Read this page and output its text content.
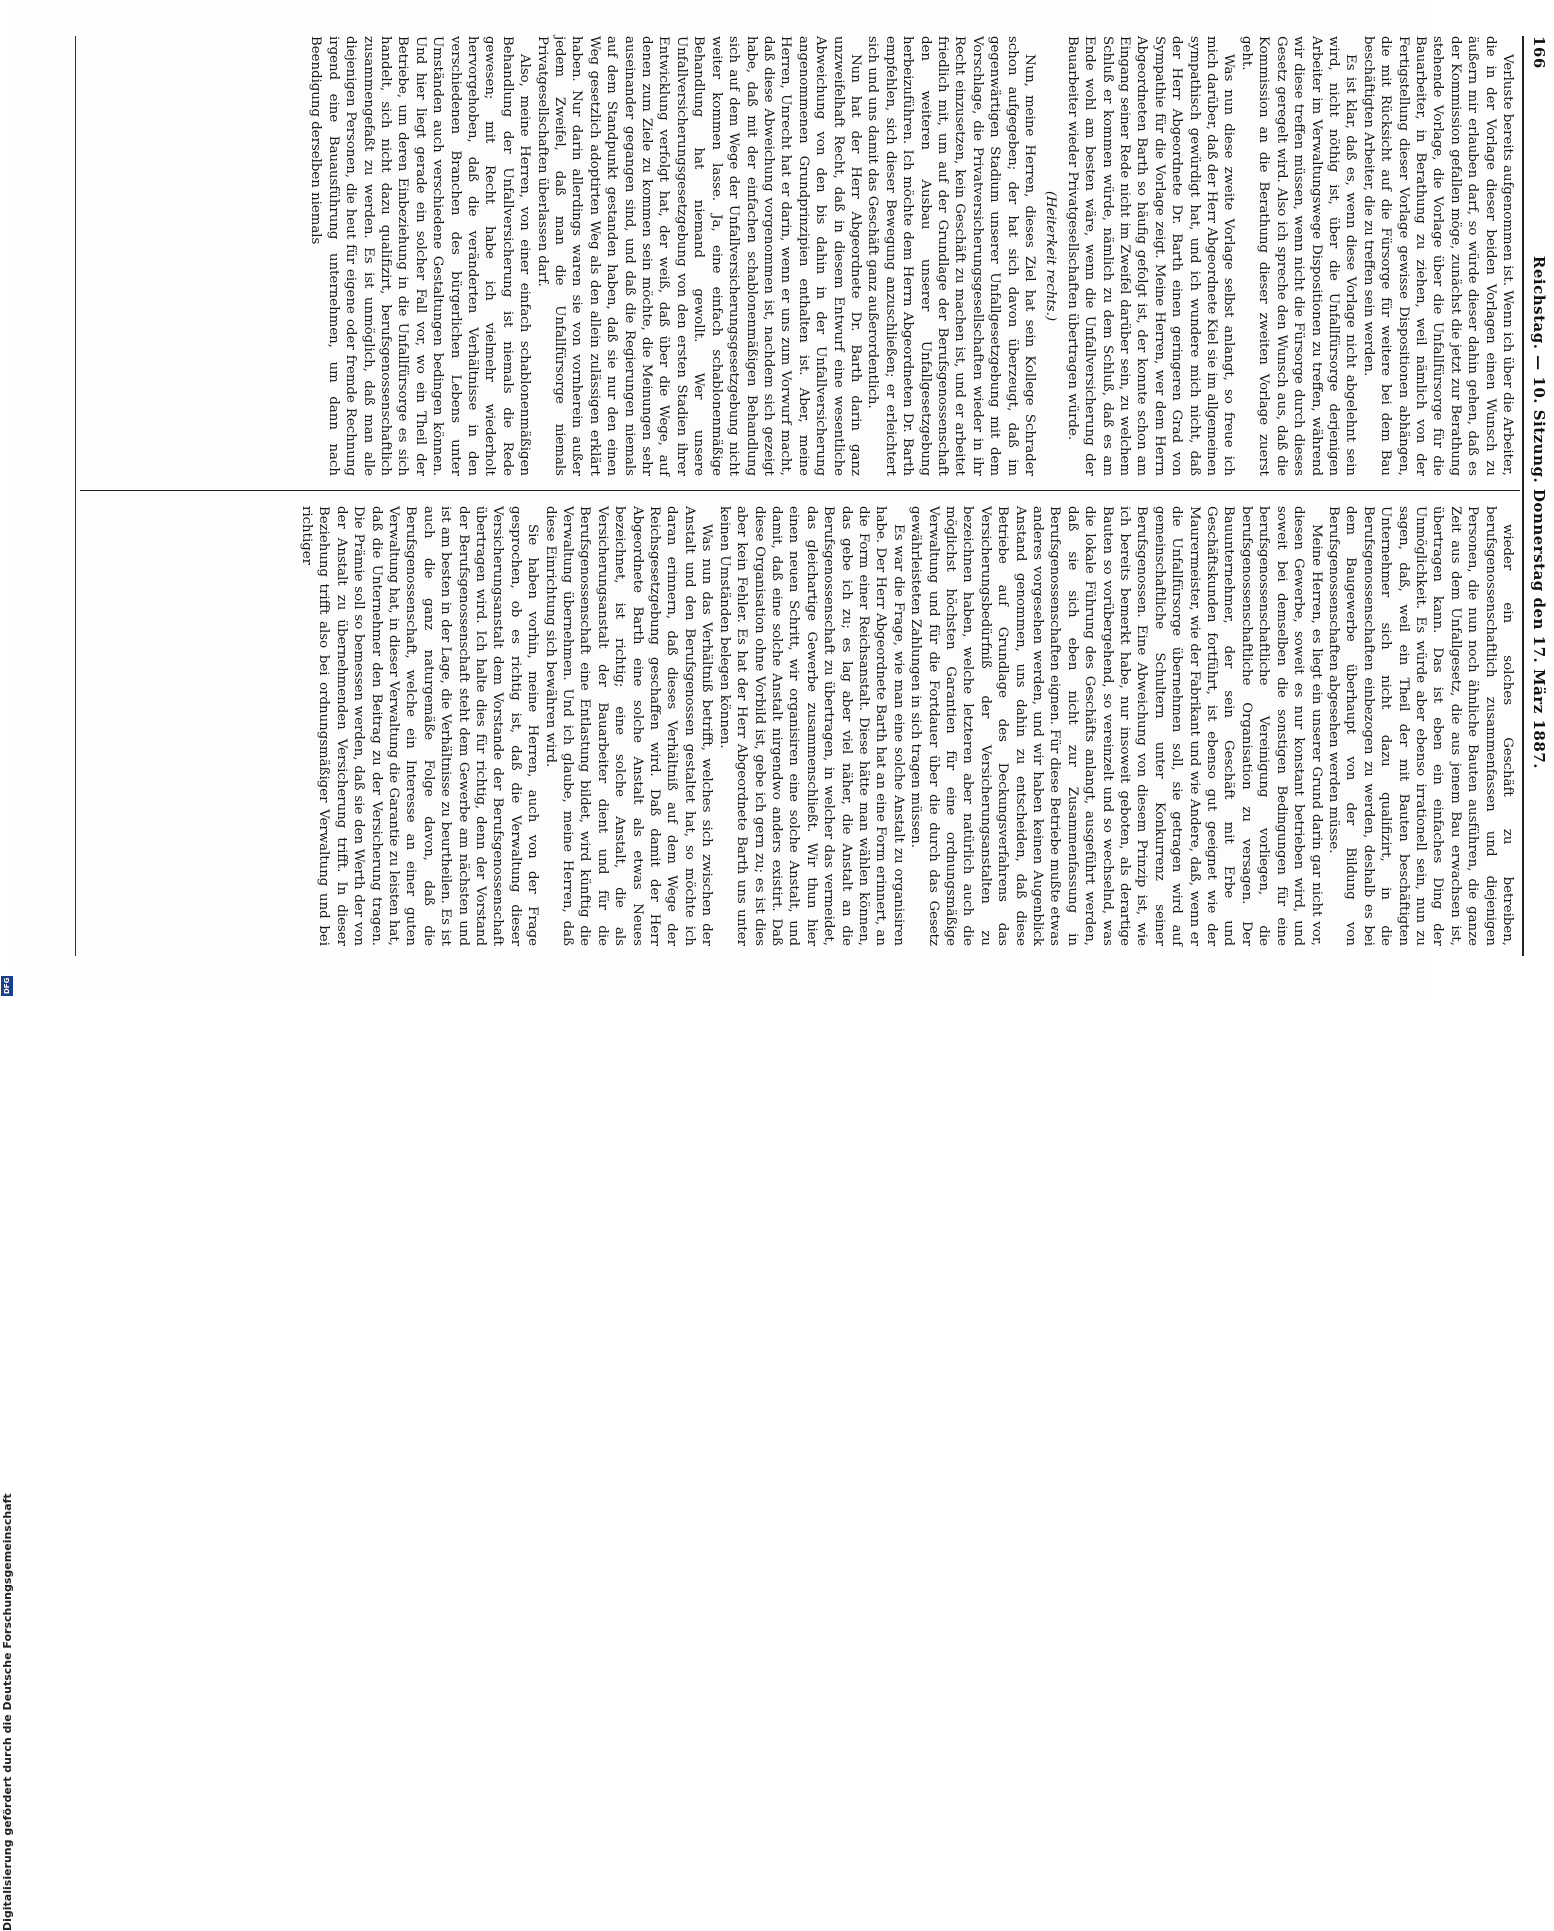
Digitalisierung gefördert durch die Deutsche Forschungsgemeinschaft
DFG
166
Reichstag. — 10. Sitzung. Donnerstag den 17. März 1887.

Verluste bereits aufgenommen ist. Wenn ich über die Arbeiter, die in der Vorlage dieser beiden Vorlagen einen Wunsch zu äußern mir erlauben darf, so würde dieser dahin gehen, daß es der Kommission gefallen möge, zunächst die jetzt zur Berathung stehende Vorlage, die Vorlage über die Unfallfürsorge für die Bauarbeiter, in Berathung zu ziehen, weil nämlich von der Fertigstellung dieser Vorlage gewisse Dispositionen abhängen, die mit Rücksicht auf die Fürsorge für weitere bei dem Bau beschäftigten Arbeiter, die zu treffen sein werden.

Es ist klar, daß es, wenn diese Vorlage nicht abgelehnt sein wird, nicht nöthig ist, über die Unfallfürsorge derjenigen Arbeiter im Verwaltungswege Dispositionen zu treffen, während wir diese treffen müssen, wenn nicht die Fürsorge durch dieses Gesetz geregelt wird. Also ich spreche den Wunsch aus, daß die Kommission an die Berathung dieser zweiten Vorlage zuerst geht.

Was nun diese zweite Vorlage selbst anlangt, so freue ich mich darüber, daß der Herr Abgeordnete Kiel sie im allgemeinen sympathisch gewürdigt hat, und ich wundere mich nicht, daß der Herr Abgeordnete Dr. Barth einen geringeren Grad von Sympathie für die Vorlage zeigt. Meine Herren, wer dem Herrn Abgeordneten Barth so häufig gefolgt ist, der konnte schon am Eingang seiner Rede nicht im Zweifel darüber sein, zu welchem Schluß er kommen würde, nämlich zu dem Schluß, daß es am Ende wohl am besten wäre, wenn die Unfallversicherung der Bauarbeiter wieder Privatgesellschaften übertragen würde.

(Heiterkeit rechts.)

Nun, meine Herren, dieses Ziel hat sein Kollege Schrader schon aufgegeben; der hat sich davon überzeugt, daß im gegenwärtigen Stadium unserer Unfallgesetzgebung mit dem Vorschlage, die Privatversicherungsgesellschaften wieder in ihr Recht einzusetzen, kein Geschäft zu machen ist, und er arbeitet friedlich mit, um auf der Grundlage der Berufsgenossenschaft den weiteren Ausbau unserer Unfallgesetzgebung herbeizuführen. Ich möchte dem Herrn Abgeordneten Dr. Barth empfehlen, sich dieser Bewegung anzuschließen; er erleichtert sich und uns damit das Geschäft ganz außerordentlich.

Nun hat der Herr Abgeordnete Dr. Barth darin ganz unzweifelhaft Recht, daß in diesem Entwurf eine wesentliche Abweichung von den bis dahin in der Unfallversicherung angenommenen Grundprinzipien enthalten ist. Aber, meine Herren, Unrecht hat er darin, wenn er uns zum Vorwurf macht, daß diese Abweichung vorgenommen ist, nachdem sich gezeigt habe, daß mit der einfachen schablonenmäßigen Behandlung sich auf dem Wege der Unfallversicherungsgesetzgebung nicht weiter kommen lasse. Ja, eine einfach schablonenmäßige Behandlung hat niemand gewollt. Wer unsere Unfallversicherungsgesetzgebung von den ersten Stadien ihrer Entwicklung verfolgt hat, der weiß, daß über die Wege, auf denen zum Ziele zu kommen sein möchte, die Meinungen sehr auseinander gegangen sind, und daß die Regierungen niemals auf dem Standpunkt gestanden haben, daß sie nur den einen Weg gesetzlich adoptirten Weg als den allein zulässigen erklärt haben. Nur darin allerdings waren sie von vornherein außer jedem Zweifel, daß man die Unfallfürsorge niemals Privatgesellschaften überlassen darf.

Also, meine Herren, von einer einfach schablonenmäßigen Behandlung der Unfallversicherung ist niemals die Rede gewesen; mit Recht habe ich vielmehr wiederholt hervorgehoben, daß die veränderten Verhältnisse in den verschiedenen Branchen des bürgerlichen Lebens unter Umständen auch verschiedene Gestaltungen bedingen können. Und hier liegt gerade ein solcher Fall vor, wo ein Theil der Betriebe, um deren Einbeziehung in die Unfallfürsorge es sich handelt, sich nicht dazu qualifizirt, berufsgenossenschaftlich zusammengefaßt zu werden. Es ist unmöglich, daß man alle diejenigen Personen, die heut für eigene oder fremde Rechnung irgend eine Bauausführung unternehmen, um dann nach Beendigung derselben niemals

wieder ein solches Geschäft zu betreiben, berufsgenossenschaftlich zusammenfassen und diejenigen Personen, die nun noch ähnliche Bauten ausführen, die ganze Zeit aus dem Unfallgesetz, die aus jenem Bau erwachsen ist, übertragen kann. Das ist eben ein einfaches Ding der Unmöglichkeit. Es würde aber ebenso irrationell sein, nun zu sagen, daß, weil ein Theil der mit Bauten beschäftigten Unternehmer sich nicht dazu qualifizirt, in die Berufsgenossenschaften einbezogen zu werden, deshalb es bei dem Baugewerbe überhaupt von der Bildung von Berufsgenossenschaften abgesehen werden müsse.

Meine Herren, es liegt ein unserer Grund darin gar nicht vor, diesen Gewerbe, soweit es nur konstant betrieben wird, und soweit bei demselben die sonstigen Bedingungen für eine berufsgenossenschaftliche Vereinigung vorliegen, die berufsgenossenschaftliche Organisation zu versagen. Der Bauunternehmer, der sein Geschäft mit Erbe und Geschäftskunden fortführt, ist ebenso gut geeignet wie der Maurermeister, wie der Fabrikant und wie Andere, daß, wenn er die Unfallfürsorge übernehmen soll, sie getragen wird auf gemeinschaftliche Schultern unter Konkurrenz seiner Berufsgenossen. Eine Abweichung von diesem Prinzip ist, wie ich bereits bemerkt habe, nur insoweit geboten, als derartige Bauten so vorübergehend, so vereinzelt und so wechselnd, was die lokale Führung des Geschäfts anlangt, ausgeführt werden, daß sie sich eben nicht zur Zusammenfassung in Berufsgenossenschaften eignen. Für diese Betriebe mußte etwas anderes vorgesehen werden, und wir haben keinen Augenblick Anstand genommen, uns dahin zu entscheiden, daß diese Betriebe auf Grundlage des Deckungsverfahrens das Versicherungsbedürfniß der Versicherungsanstalten zu bezeichnen haben, welche letzteren aber natürlich auch die möglichst höchsten Garantien für eine ordnungsmäßige Verwaltung und für die Fortdauer über die durch das Gesetz gewährleisteten Zahlungen in sich tragen müssen.

Es war die Frage, wie man eine solche Anstalt zu organisiren habe. Der Herr Abgeordnete Barth hat an eine Form erinnert, an die Form einer Reichsanstalt. Diese hätte man wählen können, das gebe ich zu; es lag aber viel näher, die Anstalt an die Berufsgenossenschaft zu übertragen, in welcher das vermeidet, das gleichartige Gewerbe zusammenschließt. Wir thun hier einen neuen Schritt, wir organisiren eine solche Anstalt, und damit, daß eine solche Anstalt nirgendwo anders existirt. Daß diese Organisation ohne Vorbild ist, gebe ich gern zu; es ist dies aber kein Fehler. Es hat der Herr Abgeordnete Barth uns unter keinen Umständen belegen können.

Was nun das Verhältniß betrifft, welches sich zwischen der Anstalt und den Berufsgenossen gestaltet hat, so möchte ich daran erinnern, daß dieses Verhältniß auf dem Wege der Reichsgesetzgebung geschaffen wird. Daß damit der Herr Abgeordnete Barth eine solche Anstalt als etwas Neues bezeichnet, ist richtig; eine solche Anstalt, die als Versicherungsanstalt der Bauarbeiter dient und für die Berufsgenossenschaft eine Entlastung bildet, wird künftig die Verwaltung übernehmen. Und ich glaube, meine Herren, daß diese Einrichtung sich bewähren wird.

Sie haben vorhin, meine Herren, auch von der Frage gesprochen, ob es richtig ist, daß die Verwaltung dieser Versicherungsanstalt dem Vorstande der Berufsgenossenschaft übertragen wird. Ich halte dies für richtig, denn der Vorstand der Berufsgenossenschaft steht dem Gewerbe am nächsten und ist am besten in der Lage, die Verhältnisse zu beurtheilen. Es ist auch die ganz naturgemäße Folge davon, daß die Berufsgenossenschaft, welche ein Interesse an einer guten Verwaltung hat, in dieser Verwaltung die Garantie zu leisten hat, daß die Unternehmer den Beitrag zu der Versicherung tragen. Die Prämie soll so bemessen werden, daß sie den Werth der von der Anstalt zu übernehmenden Versicherung trifft. In dieser Beziehung trifft also bei ordnungsmäßiger Verwaltung und bei richtiger
